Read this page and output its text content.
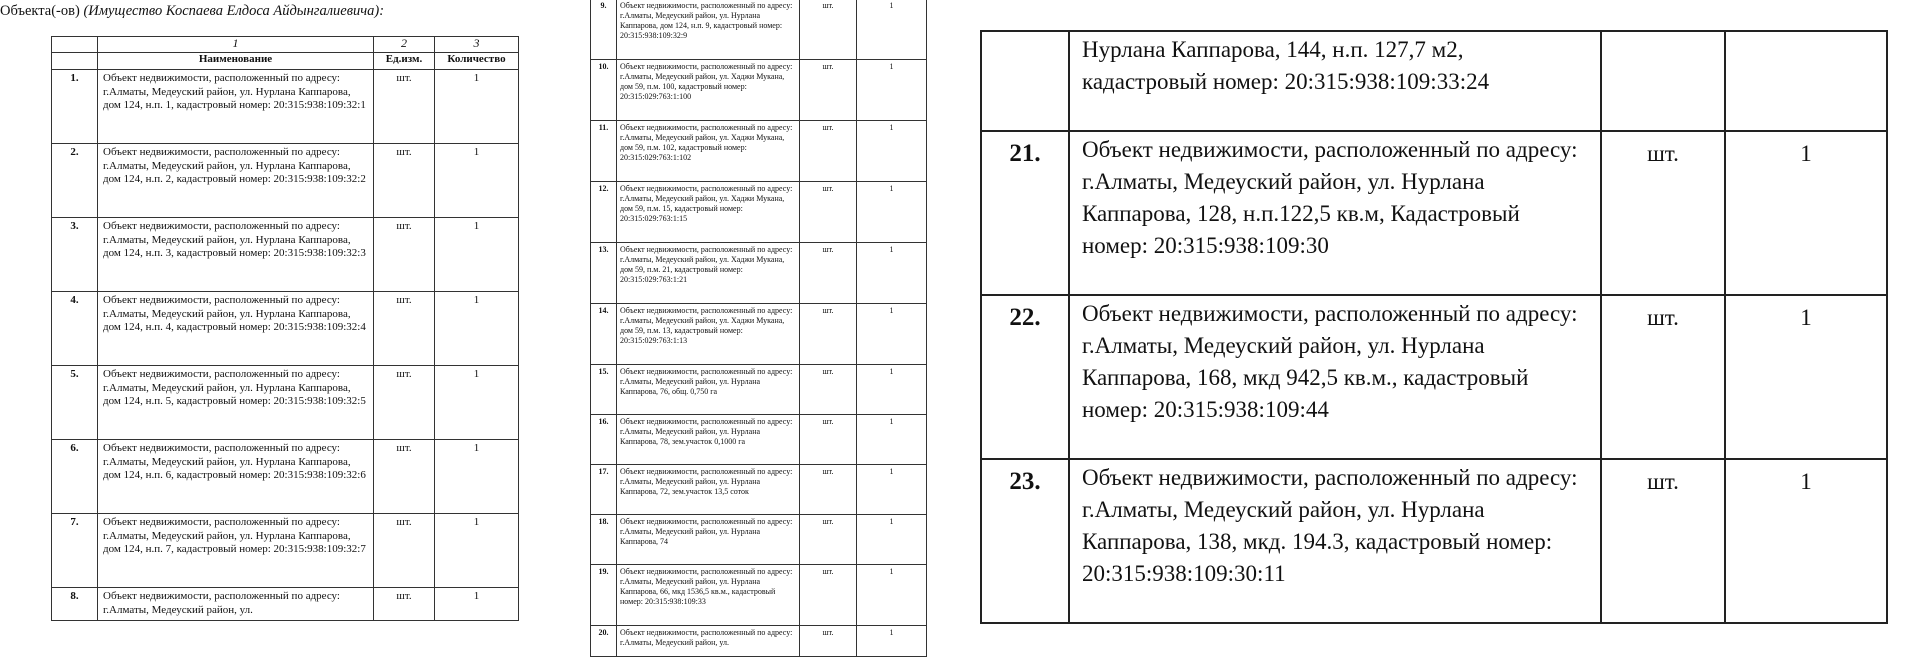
Объекта(-ов) (Имущество Коспаева Елдоса Айдынгалиевича):
	1	2	3
	Наименование	Ед.изм.	Количество
1.	Объект недвижимости, расположенный по адресу: г.Алматы, Медеуский район, ул. Нурлана Каппарова, дом 124, н.п. 1, кадастровый номер: 20:315:938:109:32:1	шт.	1
2.	Объект недвижимости, расположенный по адресу: г.Алматы, Медеуский район, ул. Нурлана Каппарова, дом 124, н.п. 2, кадастровый номер: 20:315:938:109:32:2	шт.	1
3.	Объект недвижимости, расположенный по адресу: г.Алматы, Медеуский район, ул. Нурлана Каппарова, дом 124, н.п. 3, кадастровый номер: 20:315:938:109:32:3	шт.	1
4.	Объект недвижимости, расположенный по адресу: г.Алматы, Медеуский район, ул. Нурлана Каппарова, дом 124, н.п. 4, кадастровый номер: 20:315:938:109:32:4	шт.	1
5.	Объект недвижимости, расположенный по адресу: г.Алматы, Медеуский район, ул. Нурлана Каппарова, дом 124, н.п. 5, кадастровый номер: 20:315:938:109:32:5	шт.	1
6.	Объект недвижимости, расположенный по адресу: г.Алматы, Медеуский район, ул. Нурлана Каппарова, дом 124, н.п. 6, кадастровый номер: 20:315:938:109:32:6	шт.	1
7.	Объект недвижимости, расположенный по адресу: г.Алматы, Медеуский район, ул. Нурлана Каппарова, дом 124, н.п. 7, кадастровый номер: 20:315:938:109:32:7	шт.	1
8.	Объект недвижимости, расположенный по адресу: г.Алматы, Медеуский район, ул.	шт.	1
9.	Объект недвижимости, расположенный по адресу: г.Алматы, Медеуский район, ул. Нурлана Каппарова, дом 124, н.п. 9, кадастровый номер: 20:315:938:109:32:9	шт.	1
10.	Объект недвижимости, расположенный по адресу: г.Алматы, Медеуский район, ул. Хаджи Мукана, дом 59, п.м. 100, кадастровый номер: 20:315:029:763:1:100	шт.	1
11.	Объект недвижимости, расположенный по адресу: г.Алматы, Медеуский район, ул. Хаджи Мукана, дом 59, п.м. 102, кадастровый номер: 20:315:029:763:1:102	шт.	1
12.	Объект недвижимости, расположенный по адресу: г.Алматы, Медеуский район, ул. Хаджи Мукана, дом 59, п.м. 15, кадастровый номер: 20:315:029:763:1:15	шт.	1
13.	Объект недвижимости, расположенный по адресу: г.Алматы, Медеуский район, ул. Хаджи Мукана, дом 59, п.м. 21, кадастровый номер: 20:315:029:763:1:21	шт.	1
14.	Объект недвижимости, расположенный по адресу: г.Алматы, Медеуский район, ул. Хаджи Мукана, дом 59, п.м. 13, кадастровый номер: 20:315:029:763:1:13	шт.	1
15.	Объект недвижимости, расположенный по адресу: г.Алматы, Медеуский район, ул. Нурлана Каппарова, 76, общ. 0,750 га	шт.	1
16.	Объект недвижимости, расположенный по адресу: г.Алматы, Медеуский район, ул. Нурлана Каппарова, 78, зем.участок 0,1000 га	шт.	1
17.	Объект недвижимости, расположенный по адресу: г.Алматы, Медеуский район, ул. Нурлана Каппарова, 72, зем.участок 13,5 соток	шт.	1
18.	Объект недвижимости, расположенный по адресу: г.Алматы, Медеуский район, ул. Нурлана Каппарова, 74	шт.	1
19.	Объект недвижимости, расположенный по адресу: г.Алматы, Медеуский район, ул. Нурлана Каппарова, 66, мкд 1536,5 кв.м., кадастровый номер: 20:315:938:109:33	шт.	1
20.	Объект недвижимости, расположенный по адресу: г.Алматы, Медеуский район, ул.	шт.	1
	Нурлана Каппарова, 144, н.п. 127,7 м2, кадастровый номер: 20:315:938:109:33:24		
21.	Объект недвижимости, расположенный по адресу: г.Алматы, Медеуский район, ул. Нурлана Каппарова, 128, н.п.122,5 кв.м, Кадастровый номер: 20:315:938:109:30	шт.	1
22.	Объект недвижимости, расположенный по адресу: г.Алматы, Медеуский район, ул. Нурлана Каппарова, 168, мкд 942,5 кв.м., кадастровый номер: 20:315:938:109:44	шт.	1
23.	Объект недвижимости, расположенный по адресу: г.Алматы, Медеуский район, ул. Нурлана Каппарова, 138, мкд. 194.3, кадастровый номер: 20:315:938:109:30:11	шт.	1
